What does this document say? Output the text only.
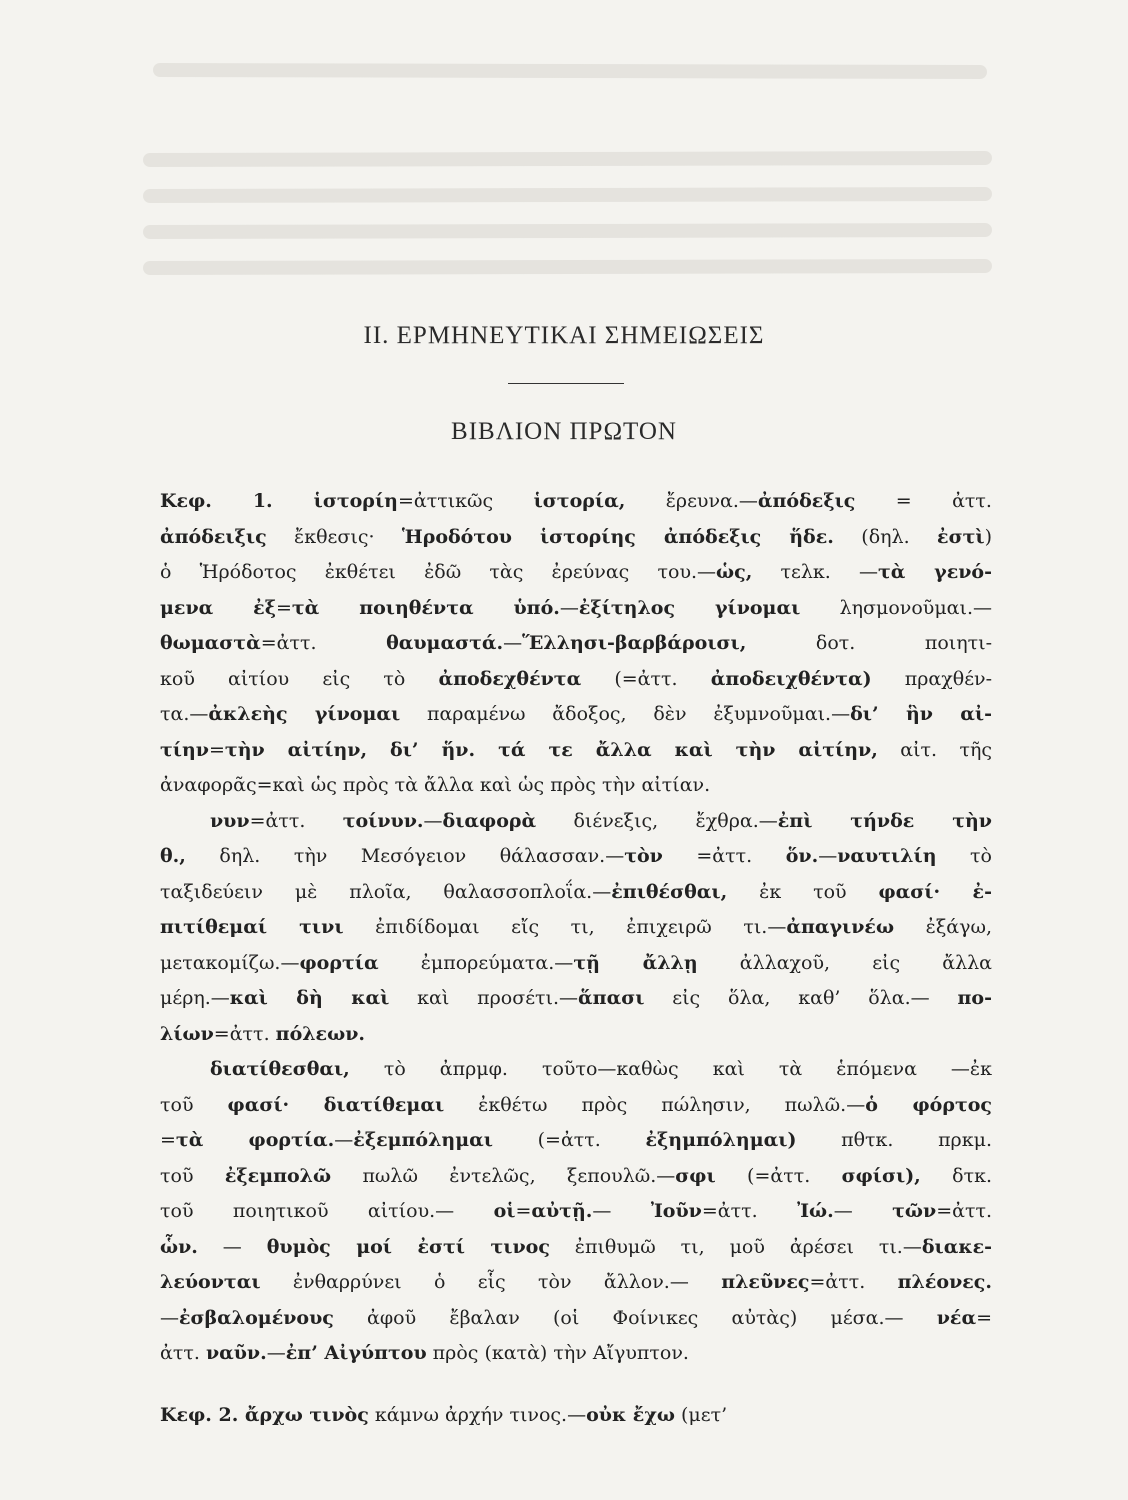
II. ΕΡΜΗΝΕΥΤΙΚΑΙ ΣΗΜΕΙΩΣΕΙΣ
ΒΙΒΛΙΟΝ ΠΡΩΤΟΝ
Κεφ. 1. ἱστορίη=ἀττικῶς ἱστορία, ἔρευνα.—ἀπόδεξις = ἀττ.
ἀπόδειξις ἔκθεσις· Ἡροδότου ἱστορίης ἀπόδεξις ἥδε. (δηλ. ἐστὶ)
ὁ Ἡρόδοτος ἐκθέτει ἐδῶ τὰς ἐρεύνας του.—ὡς, τελκ. —τὰ γενό-
μενα ἐξ=τὰ ποιηθέντα ὑπό.—ἐξίτηλος γίνομαι λησμονοῦμαι.—
θωμαστὰ=ἀττ. θαυμαστά.—Ἕλλησι-βαρβάροισι, δοτ. ποιητι-
κοῦ αἰτίου εἰς τὸ ἀποδεχθέντα (=ἀττ. ἀποδειχθέντα) πραχθέν-
τα.—ἀκλεὴς γίνομαι παραμένω ἄδοξος, δὲν ἐξυμνοῦμαι.—δι’ ἣν αἰ-
τίην=τὴν αἰτίην, δι’ ἥν. τά τε ἄλλα καὶ τὴν αἰτίην, αἰτ. τῆς
ἀναφορᾶς=καὶ ὡς πρὸς τὰ ἄλλα καὶ ὡς πρὸς τὴν αἰτίαν.
νυν=ἀττ. τοίνυν.—διαφορὰ διένεξις, ἔχθρα.—ἐπὶ τήνδε τὴν
θ., δηλ. τὴν Μεσόγειον θάλασσαν.—τὸν =ἀττ. ὅν.—ναυτιλίη τὸ
ταξιδεύειν μὲ πλοῖα, θαλασσοπλοΐα.—ἐπιθέσθαι, ἐκ τοῦ φασί· ἐ-
πιτίθεμαί τινι ἐπιδίδομαι εἴς τι, ἐπιχειρῶ τι.—ἀπαγινέω ἐξάγω,
μετακομίζω.—φορτία ἐμπορεύματα.—τῇ ἄλλῃ ἀλλαχοῦ, εἰς ἄλλα
μέρη.—καὶ δὴ καὶ καὶ προσέτι.—ἅπασι εἰς ὅλα, καθ’ ὅλα.— πο-
λίων=ἀττ. πόλεων.
διατίθεσθαι, τὸ ἀπρμφ. τοῦτο—καθὼς καὶ τὰ ἑπόμενα —ἐκ
τοῦ φασί· διατίθεμαι ἐκθέτω πρὸς πώλησιν, πωλῶ.—ὁ φόρτος
=τὰ φορτία.—ἐξεμπόλημαι (=ἀττ. ἐξημπόλημαι) πθτκ. πρκμ.
τοῦ ἐξεμπολῶ πωλῶ ἐντελῶς, ξεπουλῶ.—σφι (=ἀττ. σφίσι), δτκ.
τοῦ ποιητικοῦ αἰτίου.— οἱ=αὐτῇ.— Ἰοῦν=ἀττ. Ἰώ.— τῶν=ἀττ.
ὧν. — θυμὸς μοί ἐστί τινος ἐπιθυμῶ τι, μοῦ ἀρέσει τι.—διακε-
λεύονται ἐνθαρρύνει ὁ εἷς τὸν ἄλλον.— πλεῦνες=ἀττ. πλέονες.
—ἐσβαλομένους ἀφοῦ ἔβαλαν (οἱ Φοίνικες αὐτὰς) μέσα.— νέα=
ἀττ. ναῦν.—ἐπ’ Αἰγύπτου πρὸς (κατὰ) τὴν Αἴγυπτον.
Κεφ. 2. ἄρχω τινὸς κάμνω ἀρχήν τινος.—οὐκ ἔχω (μετ’
